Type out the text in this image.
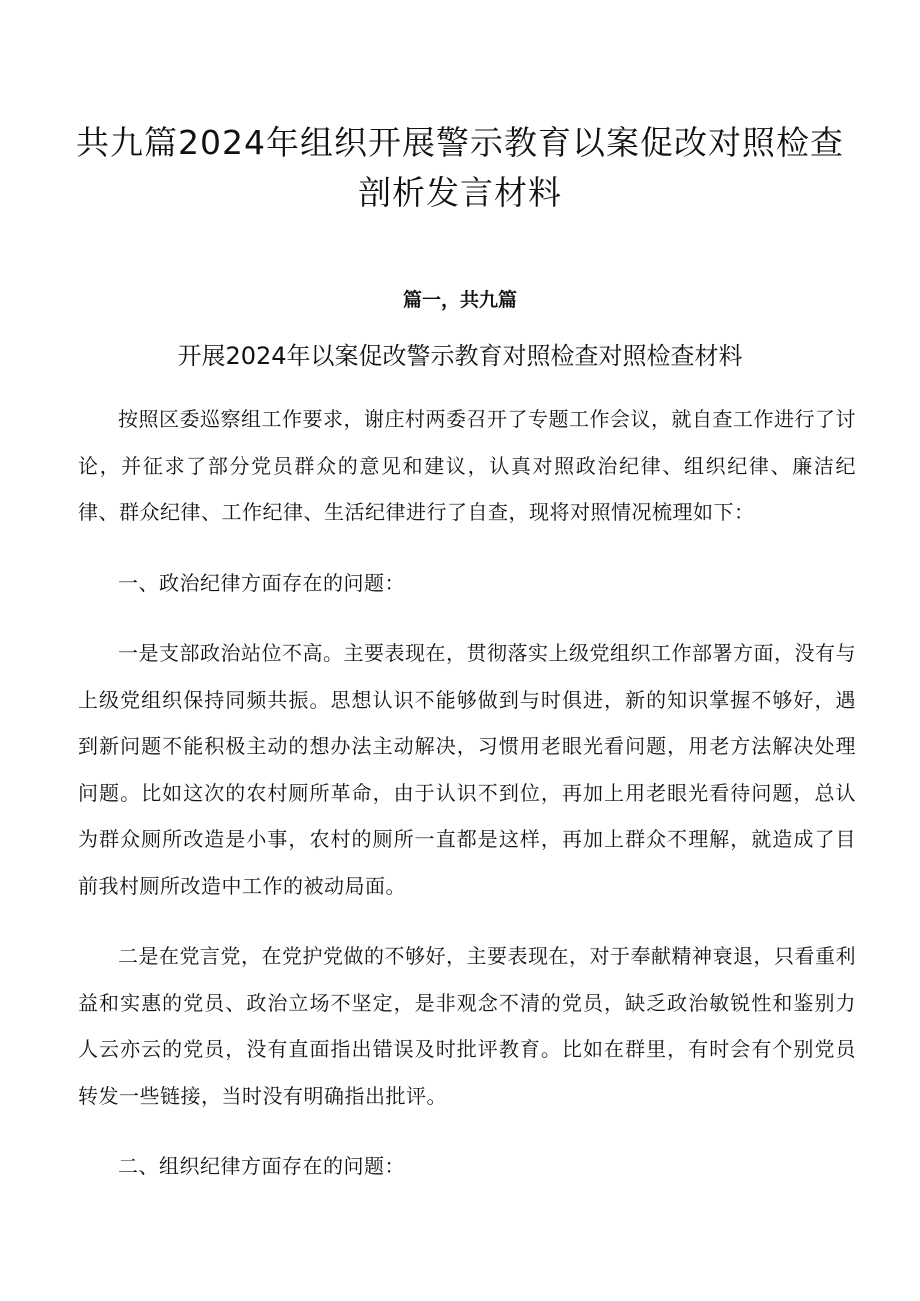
共九篇2024年组织开展警示教育以案促改对照检查
剖析发言材料
篇一，共九篇
开展2024年以案促改警示教育对照检查对照检查材料

按照区委巡察组工作要求，谢庄村两委召开了专题工作会议，就自查工作进行了讨论，并征求了部分党员群众的意见和建议，认真对照政治纪律、组织纪律、廉洁纪律、群众纪律、工作纪律、生活纪律进行了自查，现将对照情况梳理如下：

一、政治纪律方面存在的问题：

一是支部政治站位不高。主要表现在，贯彻落实上级党组织工作部署方面，没有与上级党组织保持同频共振。思想认识不能够做到与时俱进，新的知识掌握不够好，遇到新问题不能积极主动的想办法主动解决，习惯用老眼光看问题，用老方法解决处理问题。比如这次的农村厕所革命，由于认识不到位，再加上用老眼光看待问题，总认为群众厕所改造是小事，农村的厕所一直都是这样，再加上群众不理解，就造成了目前我村厕所改造中工作的被动局面。

二是在党言党，在党护党做的不够好，主要表现在，对于奉献精神衰退，只看重利益和实惠的党员、政治立场不坚定，是非观念不清的党员，缺乏政治敏锐性和鉴别力人云亦云的党员，没有直面指出错误及时批评教育。比如在群里，有时会有个别党员转发一些链接，当时没有明确指出批评。

二、组织纪律方面存在的问题：
